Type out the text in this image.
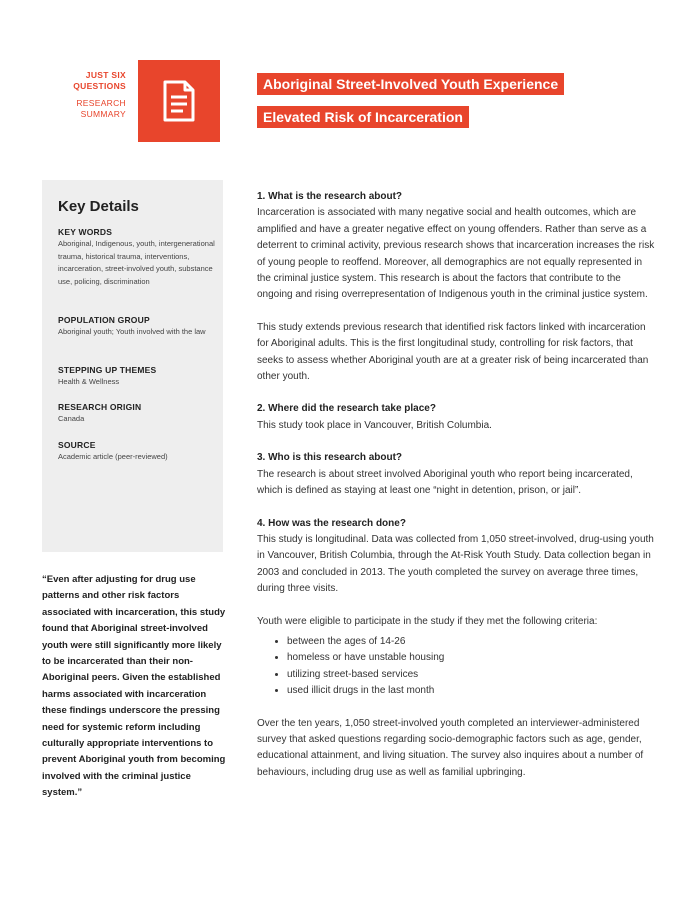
JUST SIX
QUESTIONS
RESEARCH
SUMMARY
Aboriginal Street-Involved Youth Experience
Elevated Risk of Incarceration
Key Details
KEY WORDS
Aboriginal, Indigenous, youth, intergenerational trauma, historical trauma, interventions, incarceration, street-involved youth, substance use, policing, discrimination
POPULATION GROUP
Aboriginal youth; Youth involved with the law
STEPPING UP THEMES
Health & Wellness
RESEARCH ORIGIN
Canada
SOURCE
Academic article (peer-reviewed)
“Even after adjusting for drug use patterns and other risk factors associated with incarceration, this study found that Aboriginal street-involved youth were still significantly more likely to be incarcerated than their non-Aboriginal peers. Given the established harms associated with incarceration these findings underscore the pressing need for systemic reform including culturally appropriate interventions to prevent Aboriginal youth from becoming involved with the criminal justice system.”
1. What is the research about?

Incarceration is associated with many negative social and health outcomes, which are amplified and have a greater negative effect on young offenders. Rather than serve as a deterrent to criminal activity, previous research shows that incarceration increases the risk of young people to reoffend. Moreover, all demographics are not equally represented in the criminal justice system. This research is about the factors that contribute to the ongoing and rising overrepresentation of Indigenous youth in the criminal justice system.

This study extends previous research that identified risk factors linked with incarceration for Aboriginal adults. This is the first longitudinal study, controlling for risk factors, that seeks to assess whether Aboriginal youth are at a greater risk of being incarcerated than other youth.

2. Where did the research take place?

This study took place in Vancouver, British Columbia.

3. Who is this research about?

The research is about street involved Aboriginal youth who report being incarcerated, which is defined as staying at least one “night in detention, prison, or jail”.

4. How was the research done?

This study is longitudinal. Data was collected from 1,050 street-involved, drug-using youth in Vancouver, British Columbia, through the At-Risk Youth Study. Data collection began in 2003 and concluded in 2013. The youth completed the survey on average three times, during three visits.

Youth were eligible to participate in the study if they met the following criteria:

• between the ages of 14-26
• homeless or have unstable housing
• utilizing street-based services
• used illicit drugs in the last month

Over the ten years, 1,050 street-involved youth completed an interviewer-administered survey that asked questions regarding socio-demographic factors such as age, gender, educational attainment, and living situation. The survey also inquires about a number of behaviours, including drug use as well as familial upbringing.
